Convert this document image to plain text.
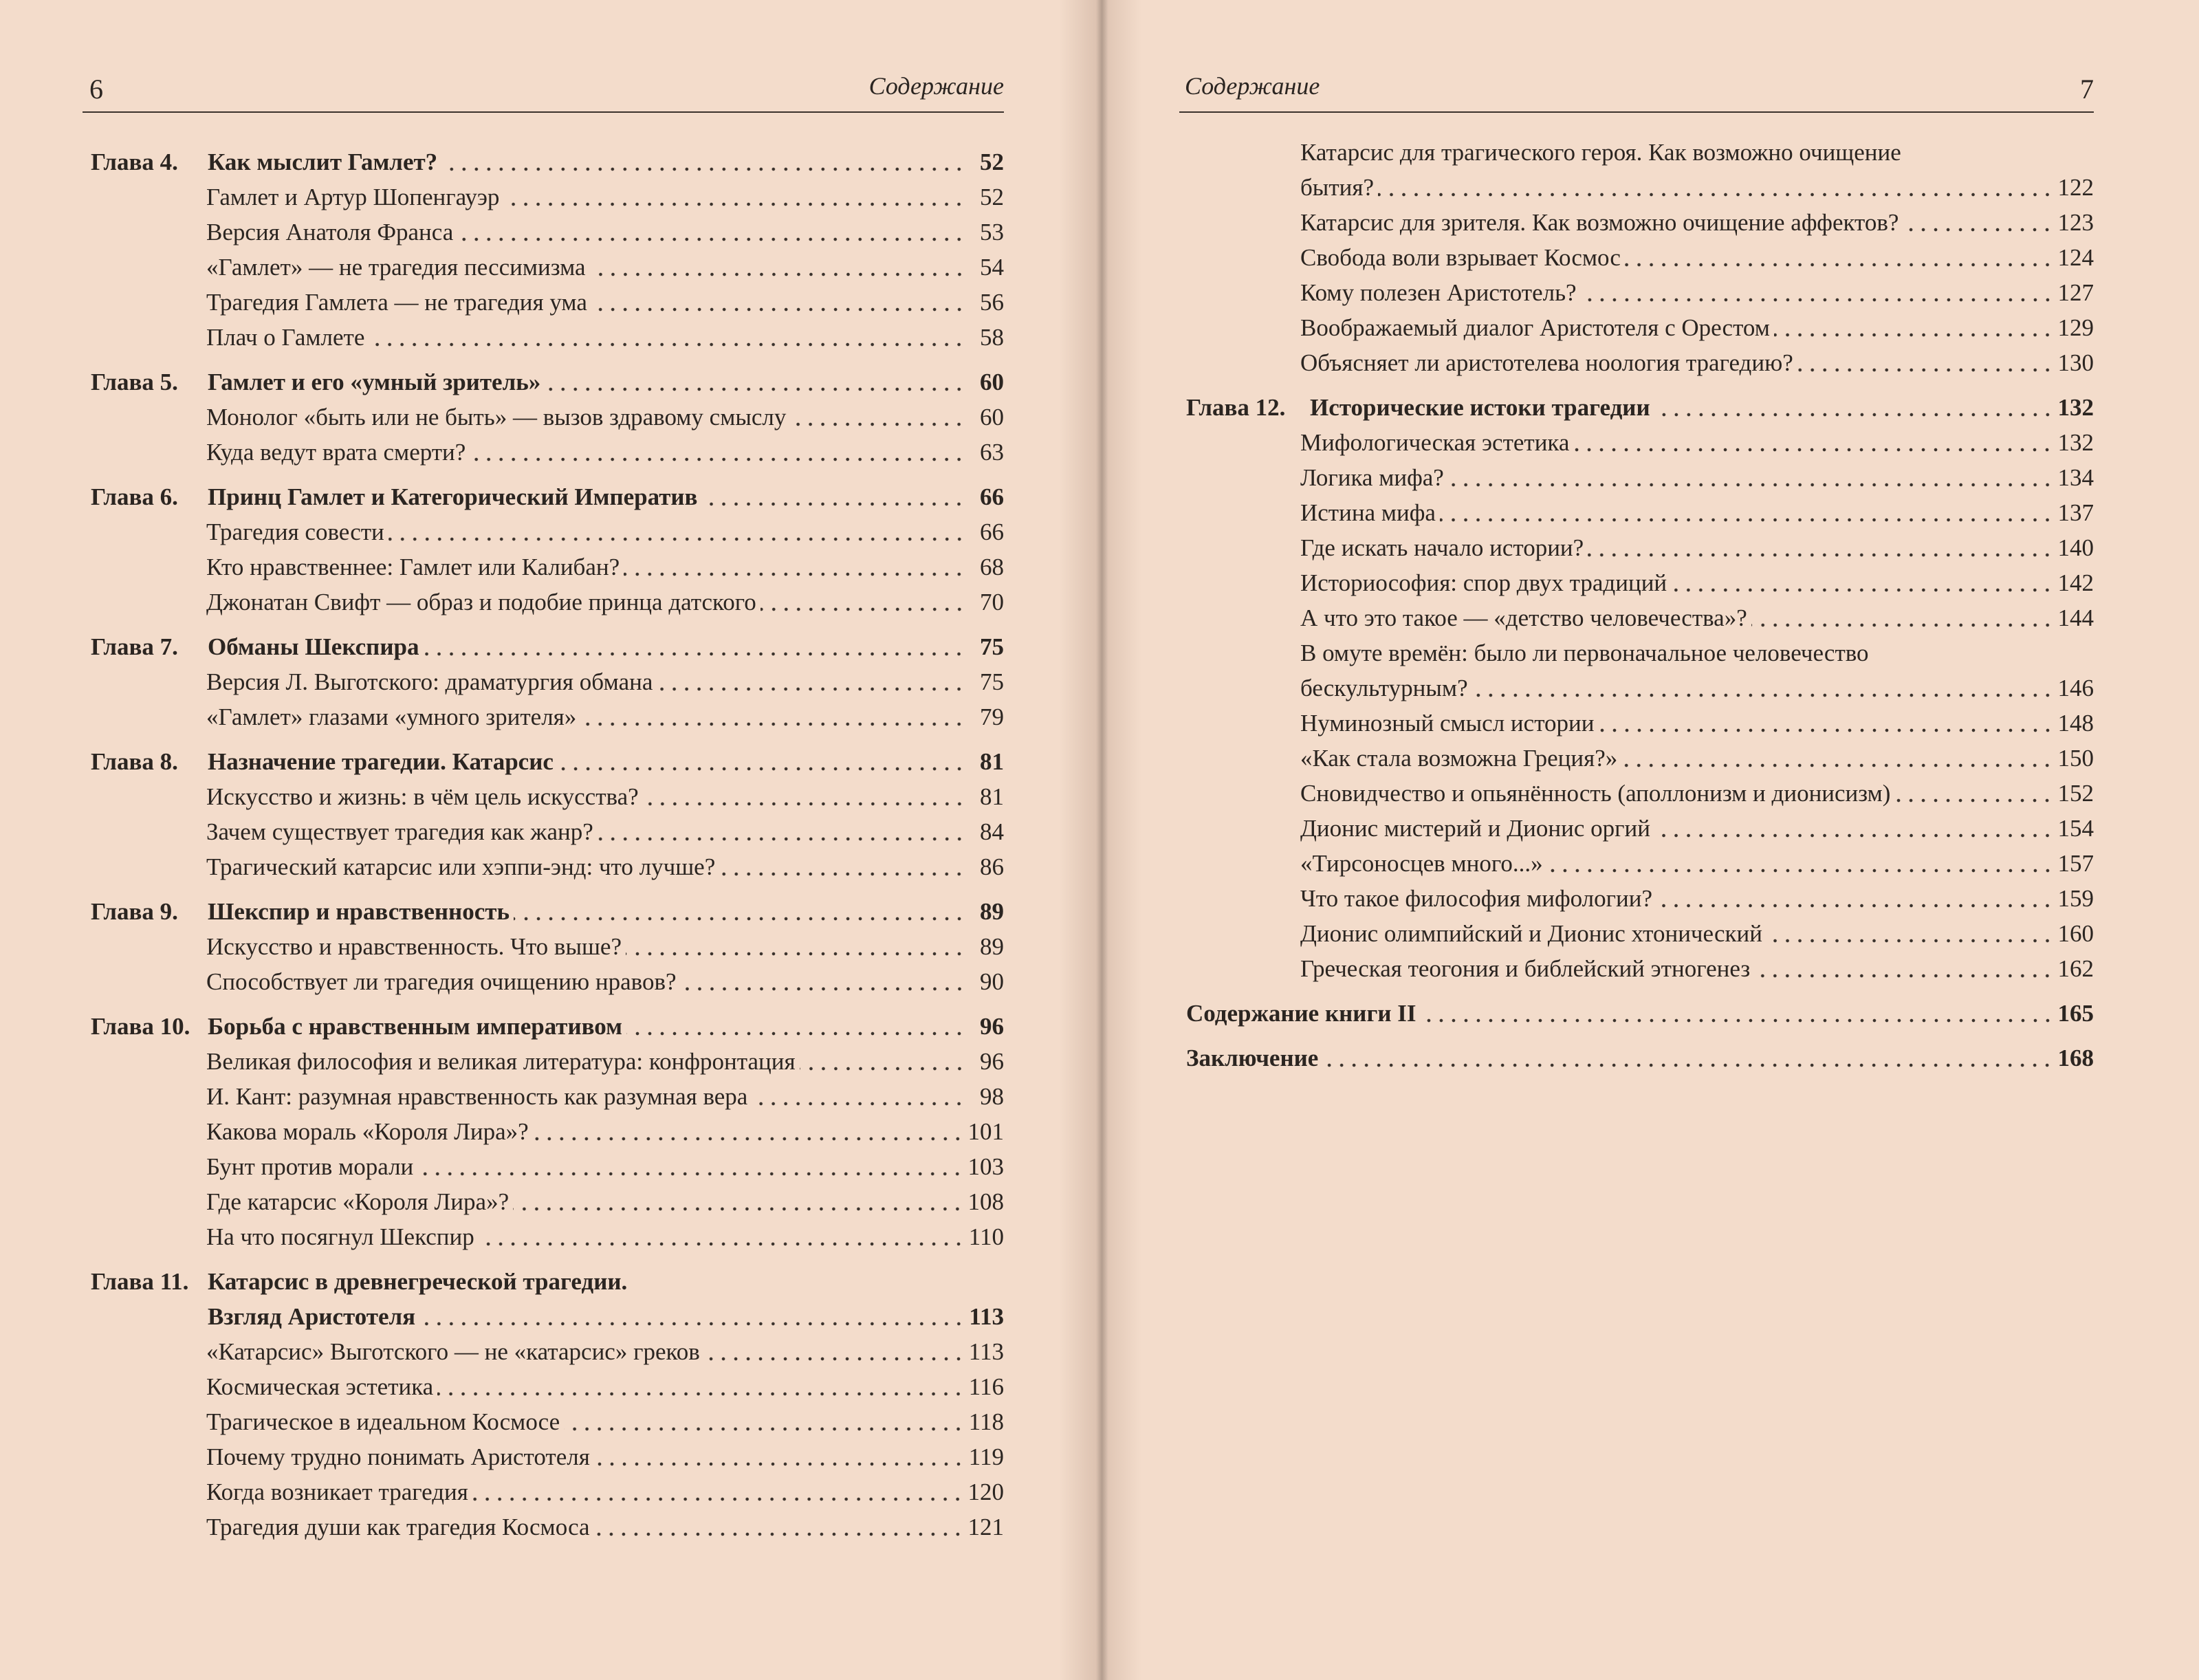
6	Содержание
Глава 4.	Как мыслит Гамлет?	52
Гамлет и Артур Шопенгауэр	52
Версия Анатоля Франса	53
«Гамлет» — не трагедия пессимизма	54
Трагедия Гамлета — не трагедия ума	56
Плач о Гамлете	58
Глава 5.	Гамлет и его «умный зритель»	60
Монолог «быть или не быть» — вызов здравому смыслу	60
Куда ведут врата смерти?	63
Глава 6.	Принц Гамлет и Категорический Императив	66
Трагедия совести	66
Кто нравственнее: Гамлет или Калибан?	68
Джонатан Свифт — образ и подобие принца датского	70
Глава 7.	Обманы Шекспира	75
Версия Л. Выготского: драматургия обмана	75
«Гамлет» глазами «умного зрителя»	79
Глава 8.	Назначение трагедии. Катарсис	81
Искусство и жизнь: в чём цель искусства?	81
Зачем существует трагедия как жанр?	84
Трагический катарсис или хэппи-энд: что лучше?	86
Глава 9.	Шекспир и нравственность	89
Искусство и нравственность. Что выше?	89
Способствует ли трагедия очищению нравов?	90
Глава 10. Борьба с нравственным императивом	96
Великая философия и великая литература: конфронтация	96
И. Кант: разумная нравственность как разумная вера	98
Какова мораль «Короля Лира»?	101
Бунт против морали	103
Где катарсис «Короля Лира»?	108
На что посягнул Шекспир	110
Глава 11. Катарсис в древнегреческой трагедии.
Взгляд Аристотеля	113
«Катарсис» Выготского — не «катарсис» греков	113
Космическая эстетика	116
Трагическое в идеальном Космосе	118
Почему трудно понимать Аристотеля	119
Когда возникает трагедия	120
Трагедия души как трагедия Космоса	121
Содержание	7
Катарсис для трагического героя. Как возможно очищение
бытия?	122
Катарсис для зрителя. Как возможно очищение аффектов?	123
Свобода воли взрывает Космос	124
Кому полезен Аристотель?	127
Воображаемый диалог Аристотеля с Орестом	129
Объясняет ли аристотелева ноология трагедию?	130
Глава 12.	Исторические истоки трагедии	132
Мифологическая эстетика	132
Логика мифа?	134
Истина мифа	137
Где искать начало истории?	140
Историософия: спор двух традиций	142
А что это такое — «детство человечества»?	144
В омуте времён: было ли первоначальное человечество
бескультурным?	146
Нуминозный смысл истории	148
«Как стала возможна Греция?»	150
Сновидчество и опьянённость (аполлонизм и дионисизм)	152
Дионис мистерий и Дионис оргий	154
«Тирсоносцев много...»	157
Что такое философия мифологии?	159
Дионис олимпийский и Дионис хтонический	160
Греческая теогония и библейский этногенез	162
Содержание книги II	165
Заключение	168
